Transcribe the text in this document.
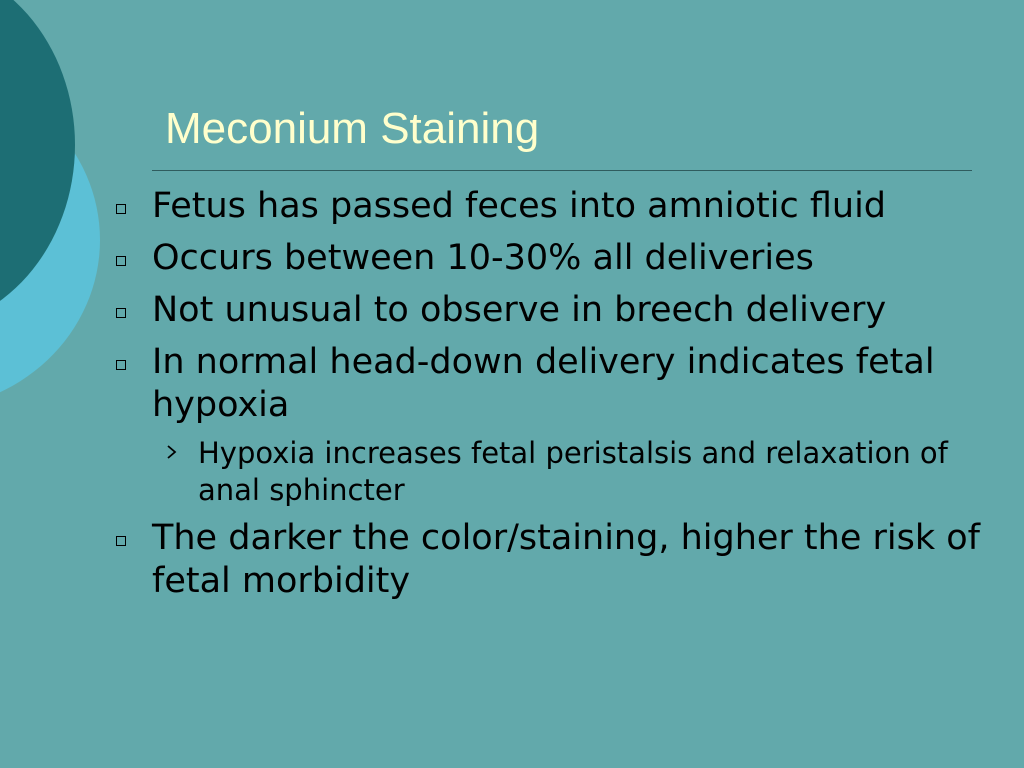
Meconium Staining
Fetus has passed feces into amniotic fluid
Occurs between 10-30% all deliveries
Not unusual to observe in breech delivery
In normal head-down delivery indicates fetal hypoxia
Hypoxia increases fetal peristalsis and relaxation of anal sphincter
The darker the color/staining, higher the risk of fetal morbidity
